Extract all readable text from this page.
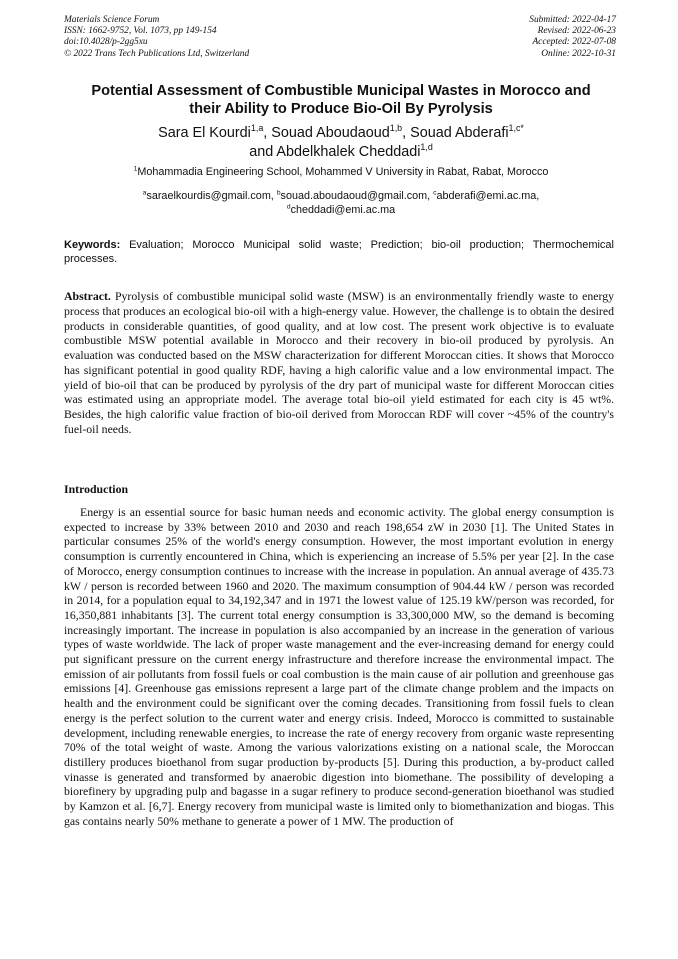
Materials Science Forum
ISSN: 1662-9752, Vol. 1073, pp 149-154
doi:10.4028/p-2gg5xu
© 2022 Trans Tech Publications Ltd, Switzerland
Submitted: 2022-04-17
Revised: 2022-06-23
Accepted: 2022-07-08
Online: 2022-10-31
Potential Assessment of Combustible Municipal Wastes in Morocco and
their Ability to Produce Bio-Oil By Pyrolysis
Sara El Kourdi$^{1,a}$, Souad Aboudaoud$^{1,b}$, Souad Abderafi$^{1,c*}$
and Abdelkhalek Cheddadi$^{1,d}$
$^1$Mohammadia Engineering School, Mohammed V University in Rabat, Rabat, Morocco
$^a$saraelkourdis@gmail.com, $^b$souad.aboudaoud@gmail.com, $^c$abderafi@emi.ac.ma,
$^d$cheddadi@emi.ac.ma
Keywords: Evaluation; Morocco Municipal solid waste; Prediction; bio-oil production; Thermochemical processes.
Abstract. Pyrolysis of combustible municipal solid waste (MSW) is an environmentally friendly waste to energy process that produces an ecological bio-oil with a high-energy value. However, the challenge is to obtain the desired products in considerable quantities, of good quality, and at low cost. The present work objective is to evaluate combustible MSW potential available in Morocco and their recovery in bio-oil produced by pyrolysis. An evaluation was conducted based on the MSW characterization for different Moroccan cities. It shows that Morocco has significant potential in good quality RDF, having a high calorific value and a low environmental impact. The yield of bio-oil that can be produced by pyrolysis of the dry part of municipal waste for different Moroccan cities was estimated using an appropriate model. The average total bio-oil yield estimated for each city is 45 wt%. Besides, the high calorific value fraction of bio-oil derived from Moroccan RDF will cover ~45% of the country's fuel-oil needs.
Introduction
Energy is an essential source for basic human needs and economic activity. The global energy consumption is expected to increase by 33% between 2010 and 2030 and reach 198,654 zW in 2030 [1]. The United States in particular consumes 25% of the world's energy consumption. However, the most important evolution in energy consumption is currently encountered in China, which is experiencing an increase of 5.5% per year [2]. In the case of Morocco, energy consumption continues to increase with the increase in population. An annual average of 435.73 kW / person is recorded between 1960 and 2020. The maximum consumption of 904.44 kW / person was recorded in 2014, for a population equal to 34,192,347 and in 1971 the lowest value of 125.19 kW/person was recorded, for 16,350,881 inhabitants [3]. The current total energy consumption is 33,300,000 MW, so the demand is becoming increasingly important. The increase in population is also accompanied by an increase in the generation of various types of waste worldwide. The lack of proper waste management and the ever-increasing demand for energy could put significant pressure on the current energy infrastructure and therefore increase the environmental impact. The emission of air pollutants from fossil fuels or coal combustion is the main cause of air pollution and greenhouse gas emissions [4]. Greenhouse gas emissions represent a large part of the climate change problem and the impacts on health and the environment could be significant over the coming decades. Transitioning from fossil fuels to clean energy is the perfect solution to the current water and energy crisis. Indeed, Morocco is committed to sustainable development, including renewable energies, to increase the rate of energy recovery from organic waste representing 70% of the total weight of waste. Among the various valorizations existing on a national scale, the Moroccan distillery produces bioethanol from sugar production by-products [5]. During this production, a by-product called vinasse is generated and transformed by anaerobic digestion into biomethane. The possibility of developing a biorefinery by upgrading pulp and bagasse in a sugar refinery to produce second-generation bioethanol was studied by Kamzon et al. [6,7]. Energy recovery from municipal waste is limited only to biomethanization and biogas. This gas contains nearly 50% methane to generate a power of 1 MW. The production of
